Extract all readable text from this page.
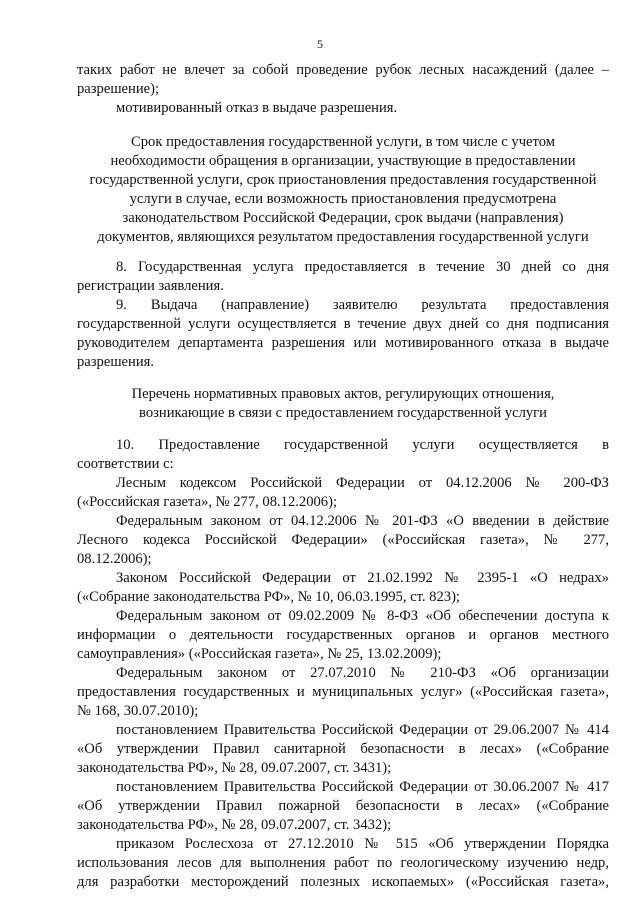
5
таких работ не влечет за собой проведение рубок лесных насаждений (далее –
разрешение);
мотивированный отказ в выдаче разрешения.
Срок предоставления государственной услуги, в том числе с учетом
необходимости обращения в организации, участвующие в предоставлении
государственной услуги, срок приостановления предоставления государственной
услуги в случае, если возможность приостановления предусмотрена
законодательством Российской Федерации, срок выдачи (направления)
документов, являющихся результатом предоставления государственной услуги
8. Государственная услуга предоставляется в течение 30 дней со дня
регистрации заявления.
9. Выдача (направление) заявителю результата предоставления
государственной услуги осуществляется в течение двух дней со дня подписания
руководителем департамента разрешения или мотивированного отказа в выдаче
разрешения.
Перечень нормативных правовых актов, регулирующих отношения,
возникающие в связи с предоставлением государственной услуги
10. Предоставление государственной услуги осуществляется в
соответствии с:
Лесным кодексом Российской Федерации от 04.12.2006 № 200-ФЗ
(«Российская газета», № 277, 08.12.2006);
Федеральным законом от 04.12.2006 № 201-ФЗ «О введении в действие
Лесного кодекса Российской Федерации» («Российская газета», № 277,
08.12.2006);
Законом Российской Федерации от 21.02.1992 № 2395-1 «О недрах»
(«Собрание законодательства РФ», № 10, 06.03.1995, ст. 823);
Федеральным законом от 09.02.2009 № 8-ФЗ «Об обеспечении доступа к
информации о деятельности государственных органов и органов местного
самоуправления» («Российская газета», № 25, 13.02.2009);
Федеральным законом от 27.07.2010 № 210-ФЗ «Об организации
предоставления государственных и муниципальных услуг» («Российская газета»,
№ 168, 30.07.2010);
постановлением Правительства Российской Федерации от 29.06.2007 № 414
«Об утверждении Правил санитарной безопасности в лесах» («Собрание
законодательства РФ», № 28, 09.07.2007, ст. 3431);
постановлением Правительства Российской Федерации от 30.06.2007 № 417
«Об утверждении Правил пожарной безопасности в лесах» («Собрание
законодательства РФ», № 28, 09.07.2007, ст. 3432);
приказом Рослесхоза от 27.12.2010 № 515 «Об утверждении Порядка
использования лесов для выполнения работ по геологическому изучению недр,
для разработки месторождений полезных ископаемых» («Российская газета»,
